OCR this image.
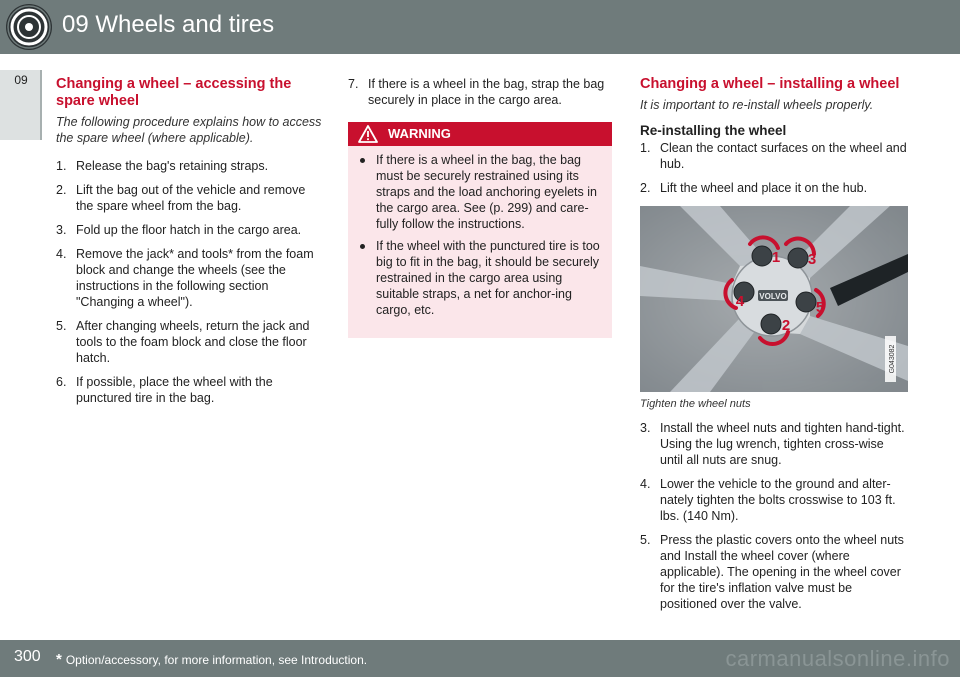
09 Wheels and tires
09	Changing a wheel – accessing the spare wheel

The following procedure explains how to access the spare wheel (where applicable).

1. Release the bag's retaining straps.
2. Lift the bag out of the vehicle and remove the spare wheel from the bag.
3. Fold up the floor hatch in the cargo area.
4. Remove the jack* and tools* from the foam block and change the wheels (see the instructions in the following section "Changing a wheel").
5. After changing wheels, return the jack and tools to the foam block and close the floor hatch.
6. If possible, place the wheel with the punctured tire in the bag.
7. If there is a wheel in the bag, strap the bag securely in place in the cargo area.
WARNING
If there is a wheel in the bag, the bag must be securely restrained using its straps and the load anchoring eyelets in the cargo area. See (p. 299) and care-fully follow the instructions.
If the wheel with the punctured tire is too big to fit in the bag, it should be securely restrained in the cargo area using suitable straps, a net for anchor-ing cargo, etc.
Changing a wheel – installing a wheel

It is important to re-install wheels properly.

Re-installing the wheel
1. Clean the contact surfaces on the wheel and hub.
2. Lift the wheel and place it on the hub.
VOLVO
1
2
3
4	5
G043082

Tighten the wheel nuts

3. Install the wheel nuts and tighten hand-tight. Using the lug wrench, tighten cross-wise until all nuts are snug.
4. Lower the vehicle to the ground and alter-nately tighten the bolts crosswise to 103 ft. lbs. (140 Nm).
5. Press the plastic covers onto the wheel nuts and Install the wheel cover (where applicable). The opening in the wheel cover for the tire's inflation valve must be positioned over the valve.
300 * Option/accessory, for more information, see Introduction.	carmanualsonline.info
